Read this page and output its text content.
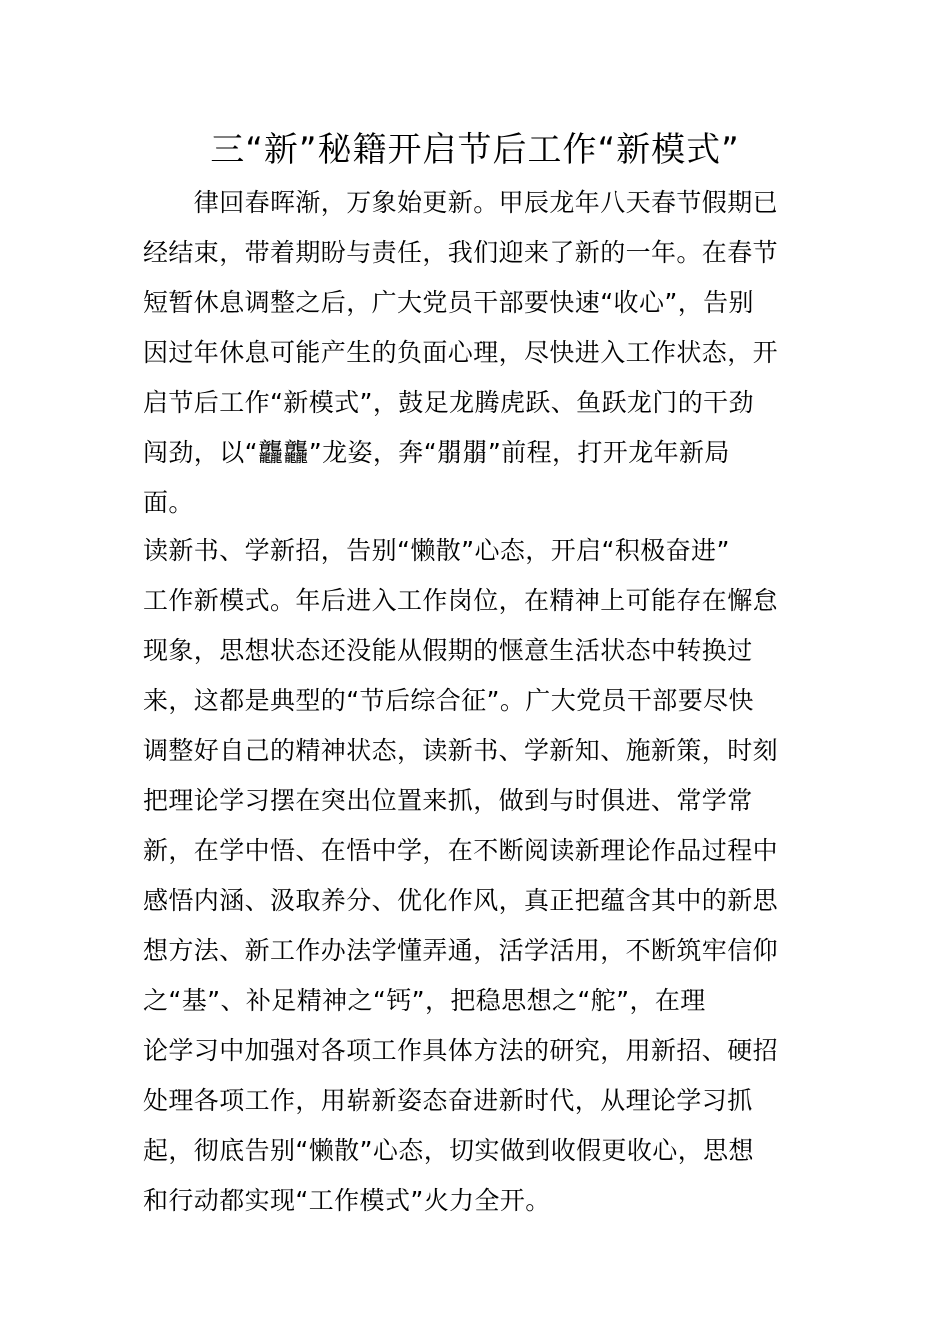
三“新”秘籍开启节后工作“新模式”
　　律回春晖渐，万象始更新。甲辰龙年八天春节假期已
经结束，带着期盼与责任，我们迎来了新的一年。在春节
短暂休息调整之后，广大党员干部要快速“收心”，告别
因过年休息可能产生的负面心理，尽快进入工作状态，开
启节后工作“新模式”，鼓足龙腾虎跃、鱼跃龙门的干劲
闯劲，以“龘龘”龙姿，奔“朤朤”前程，打开龙年新局
面。
读新书、学新招，告别“懒散”心态，开启“积极奋进”
工作新模式。年后进入工作岗位，在精神上可能存在懈怠
现象，思想状态还没能从假期的惬意生活状态中转换过
来，这都是典型的“节后综合征”。广大党员干部要尽快
调整好自己的精神状态，读新书、学新知、施新策，时刻
把理论学习摆在突出位置来抓，做到与时俱进、常学常
新，在学中悟、在悟中学，在不断阅读新理论作品过程中
感悟内涵、汲取养分、优化作风，真正把蕴含其中的新思
想方法、新工作办法学懂弄通，活学活用，不断筑牢信仰
之“基”、补足精神之“钙”，把稳思想之“舵”，在理
论学习中加强对各项工作具体方法的研究，用新招、硬招
处理各项工作，用崭新姿态奋进新时代，从理论学习抓
起，彻底告别“懒散”心态，切实做到收假更收心，思想
和行动都实现“工作模式”火力全开。
